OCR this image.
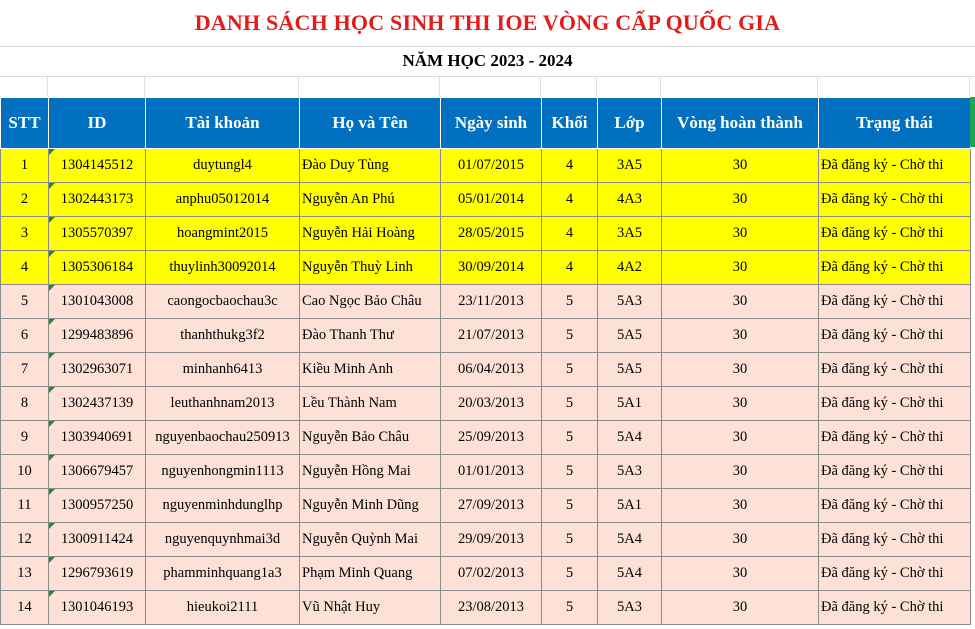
DANH SÁCH HỌC SINH THI IOE VÒNG CẤP QUỐC GIA
NĂM HỌC 2023 - 2024
STT	ID	Tài khoản	Họ và Tên	Ngày sinh	Khối	Lớp	Vòng hoàn thành	Trạng thái
1	1304145512	duytungl4	Đào Duy Tùng	01/07/2015	4	3A5	30	Đã đăng ký - Chờ thi
2	1302443173	anphu05012014	Nguyễn An Phú	05/01/2014	4	4A3	30	Đã đăng ký - Chờ thi
3	1305570397	hoangmint2015	Nguyễn Hải Hoàng	28/05/2015	4	3A5	30	Đã đăng ký - Chờ thi
4	1305306184	thuylinh30092014	Nguyễn Thuỳ Linh	30/09/2014	4	4A2	30	Đã đăng ký - Chờ thi
5	1301043008	caongocbaochau3c	Cao Ngọc Bảo Châu	23/11/2013	5	5A3	30	Đã đăng ký - Chờ thi
6	1299483896	thanhthukg3f2	Đào Thanh Thư	21/07/2013	5	5A5	30	Đã đăng ký - Chờ thi
7	1302963071	minhanh6413	Kiều Minh Anh	06/04/2013	5	5A5	30	Đã đăng ký - Chờ thi
8	1302437139	leuthanhnam2013	Lều Thành Nam	20/03/2013	5	5A1	30	Đã đăng ký - Chờ thi
9	1303940691	nguyenbaochau250913	Nguyễn Bảo Châu	25/09/2013	5	5A4	30	Đã đăng ký - Chờ thi
10	1306679457	nguyenhongmin1113	Nguyễn Hồng Mai	01/01/2013	5	5A3	30	Đã đăng ký - Chờ thi
11	1300957250	nguyenminhdunglhp	Nguyễn Minh Dũng	27/09/2013	5	5A1	30	Đã đăng ký - Chờ thi
12	1300911424	nguyenquynhmai3d	Nguyễn Quỳnh Mai	29/09/2013	5	5A4	30	Đã đăng ký - Chờ thi
13	1296793619	phamminhquang1a3	Phạm Minh Quang	07/02/2013	5	5A4	30	Đã đăng ký - Chờ thi
14	1301046193	hieukoi2111	Vũ Nhật Huy	23/08/2013	5	5A3	30	Đã đăng ký - Chờ thi
